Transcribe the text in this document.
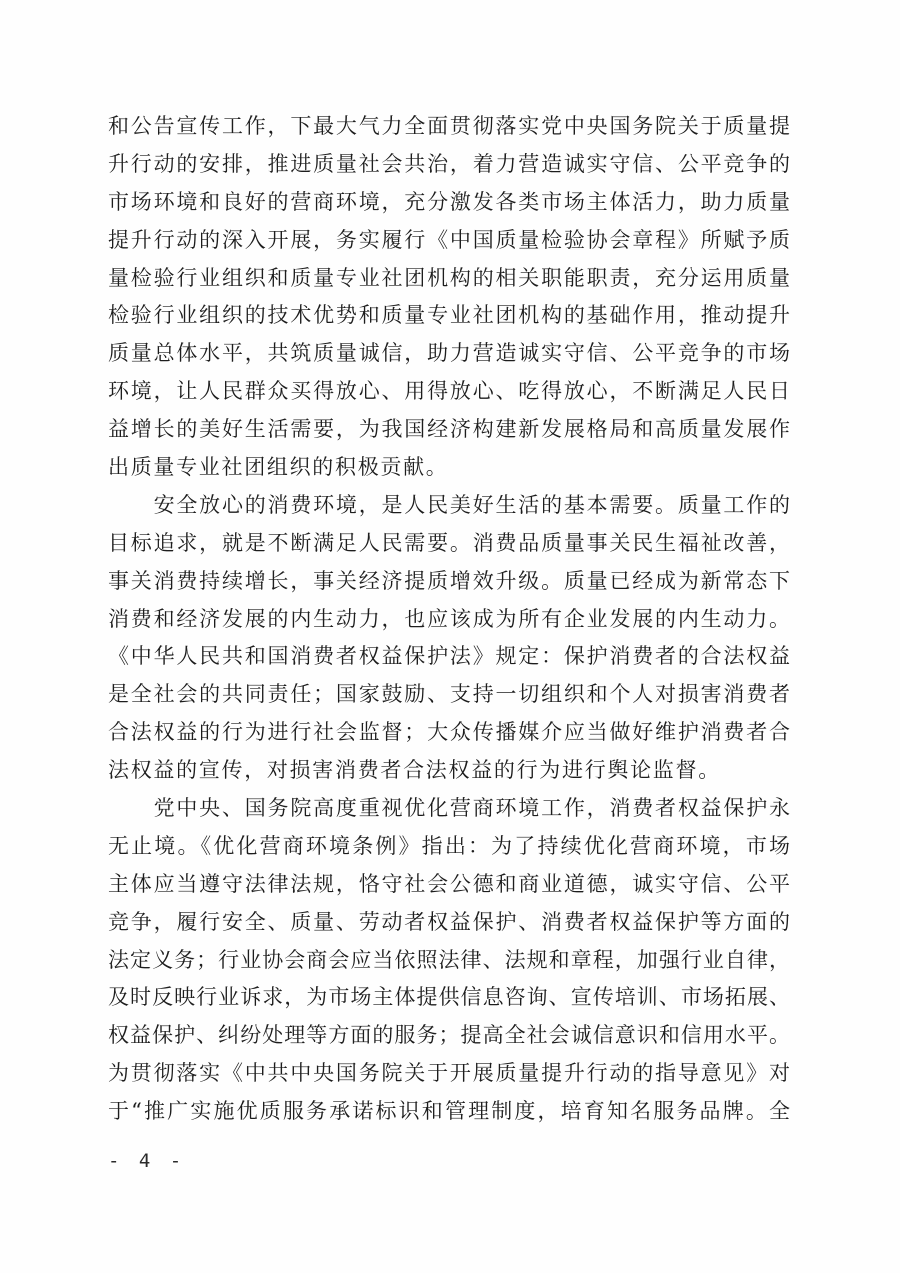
和公告宣传工作，下最大气力全面贯彻落实党中央国务院关于质量提
升行动的安排，推进质量社会共治，着力营造诚实守信、公平竞争的
市场环境和良好的营商环境，充分激发各类市场主体活力，助力质量
提升行动的深入开展，务实履行《中国质量检验协会章程》所赋予质
量检验行业组织和质量专业社团机构的相关职能职责，充分运用质量
检验行业组织的技术优势和质量专业社团机构的基础作用，推动提升
质量总体水平，共筑质量诚信，助力营造诚实守信、公平竞争的市场
环境，让人民群众买得放心、用得放心、吃得放心，不断满足人民日
益增长的美好生活需要，为我国经济构建新发展格局和高质量发展作
出质量专业社团组织的积极贡献。
　　安全放心的消费环境，是人民美好生活的基本需要。质量工作的
目标追求，就是不断满足人民需要。消费品质量事关民生福祉改善，
事关消费持续增长，事关经济提质增效升级。质量已经成为新常态下
消费和经济发展的内生动力，也应该成为所有企业发展的内生动力。
《中华人民共和国消费者权益保护法》规定：保护消费者的合法权益
是全社会的共同责任；国家鼓励、支持一切组织和个人对损害消费者
合法权益的行为进行社会监督；大众传播媒介应当做好维护消费者合
法权益的宣传，对损害消费者合法权益的行为进行舆论监督。
　　党中央、国务院高度重视优化营商环境工作，消费者权益保护永
无止境。《优化营商环境条例》指出：为了持续优化营商环境，市场
主体应当遵守法律法规，恪守社会公德和商业道德，诚实守信、公平
竞争，履行安全、质量、劳动者权益保护、消费者权益保护等方面的
法定义务；行业协会商会应当依照法律、法规和章程，加强行业自律，
及时反映行业诉求，为市场主体提供信息咨询、宣传培训、市场拓展、
权益保护、纠纷处理等方面的服务；提高全社会诚信意识和信用水平。
为贯彻落实《中共中央国务院关于开展质量提升行动的指导意见》对
于“推广实施优质服务承诺标识和管理制度，培育知名服务品牌。全
- 4 -
